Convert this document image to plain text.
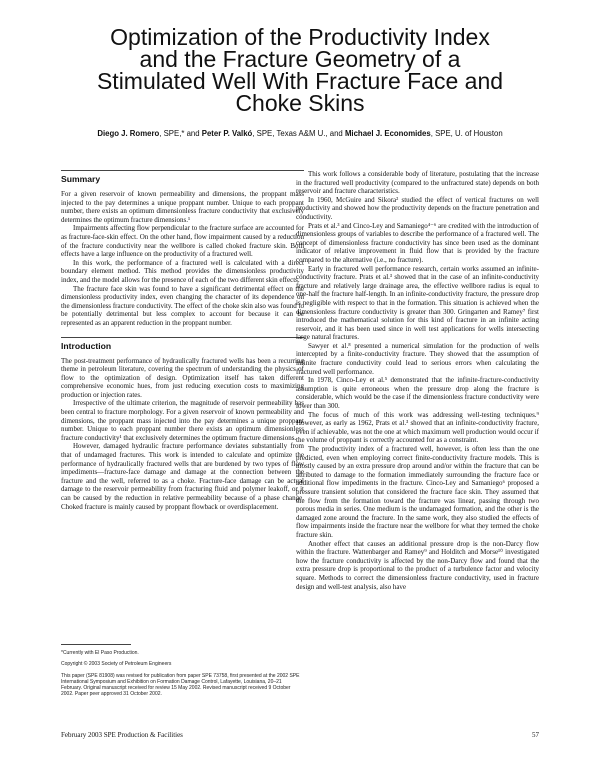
Optimization of the Productivity Index
and the Fracture Geometry of a
Stimulated Well With Fracture Face and
Choke Skins
Diego J. Romero, SPE,* and Peter P. Valkó, SPE, Texas A&M U., and Michael J. Economides, SPE, U. of Houston
Summary

For a given reservoir of known permeability and dimensions, the proppant mass injected to the pay determines a unique proppant number. Unique to each proppant number, there exists an optimum dimensionless fracture conductivity that exclusively determines the optimum fracture dimensions.¹

Impairments affecting flow perpendicular to the fracture surface are accounted for as fracture-face-skin effect. On the other hand, flow impairment caused by a reduction of the fracture conductivity near the wellbore is called choked fracture skin. Both effects have a large influence on the productivity of a fractured well.

In this work, the performance of a fractured well is calculated with a direct boundary element method. This method provides the dimensionless productivity index, and the model allows for the presence of each of the two different skin effects.

The fracture face skin was found to have a significant detrimental effect on the dimensionless productivity index, even changing the character of its dependence on the dimensionless fracture conductivity. The effect of the choke skin also was found to be potentially detrimental but less complex to account for because it can be represented as an apparent reduction in the proppant number.

Introduction

The post-treatment performance of hydraulically fractured wells has been a recurring theme in petroleum literature, covering the spectrum of understanding the physics of flow to the optimization of design. Optimization itself has taken different comprehensive economic hues, from just reducing execution costs to maximizing production or injection rates.

Irrespective of the ultimate criterion, the magnitude of reservoir permeability has been central to fracture morphology. For a given reservoir of known permeability and dimensions, the proppant mass injected into the pay determines a unique proppant number. Unique to each proppant number there exists an optimum dimensionless fracture conductivity¹ that exclusively determines the optimum fracture dimensions.

However, damaged hydraulic fracture performance deviates substantially from that of undamaged fractures. This work is intended to calculate and optimize the performance of hydraulically fractured wells that are burdened by two types of flow impediments—fracture-face damage and damage at the connection between the fracture and the well, referred to as a choke. Fracture-face damage can be actual damage to the reservoir permeability from fracturing fluid and polymer leakoff, or it can be caused by the reduction in relative permeability because of a phase change. Choked fracture is mainly caused by proppant flowback or overdisplacement.

*Currently with El Paso Production.

Copyright © 2003 Society of Petroleum Engineers

This paper (SPE 81908) was revised for publication from paper SPE 73758, first presented at the 2002 SPE International Symposium and Exhibition on Formation Damage Control, Lafayette, Louisiana, 20–21 February. Original manuscript received for review 15 May 2002. Revised manuscript received 9 October 2002. Paper peer approved 31 October 2002.

This work follows a considerable body of literature, postulating that the increase in the fractured well productivity (compared to the unfractured state) depends on both reservoir and fracture characteristics.

In 1960, McGuire and Sikora² studied the effect of vertical fractures on well productivity and showed how the productivity depends on the fracture penetration and conductivity.

Prats et al.³ and Cinco-Ley and Samaniego⁴⁻⁶ are credited with the introduction of dimensionless groups of variables to describe the performance of a fractured well. The concept of dimensionless fracture conductivity has since been used as the dominant indicator of relative improvement in fluid flow that is provided by the fracture compared to the alternative (i.e., no fracture).

Early in fractured well performance research, certain works assumed an infinite-conductivity fracture. Prats et al.³ showed that in the case of an infinite-conductivity fracture and relatively large drainage area, the effective wellbore radius is equal to one-half the fracture half-length. In an infinite-conductivity fracture, the pressure drop is negligible with respect to that in the formation. This situation is achieved when the dimensionless fracture conductivity is greater than 300. Gringarten and Ramey⁷ first introduced the mathematical solution for this kind of fracture in an infinite acting reservoir, and it has been used since in well test applications for wells intersecting large natural fractures.

Sawyer et al.⁸ presented a numerical simulation for the production of wells intercepted by a finite-conductivity fracture. They showed that the assumption of infinite fracture conductivity could lead to serious errors when calculating the fractured well performance.

In 1978, Cinco-Ley et al.⁵ demonstrated that the infinite-fracture-conductivity assumption is quite erroneous when the pressure drop along the fracture is considerable, which would be the case if the dimensionless fracture conductivity were lower than 300.

The focus of much of this work was addressing well-testing techniques.⁹ However, as early as 1962, Prats et al.³ showed that an infinite-conductivity fracture, even if achievable, was not the one at which maximum well production would occur if the volume of proppant is correctly accounted for as a constraint.

The productivity index of a fractured well, however, is often less than the one predicted, even when employing correct finite-conductivity fracture models. This is mostly caused by an extra pressure drop around and/or within the fracture that can be attributed to damage to the formation immediately surrounding the fracture face or additional flow impediments in the fracture. Cinco-Ley and Samaniego⁶ proposed a pressure transient solution that considered the fracture face skin. They assumed that the flow from the formation toward the fracture was linear, passing through two porous media in series. One medium is the undamaged formation, and the other is the damaged zone around the fracture. In the same work, they also studied the effects of flow impairments inside the fracture near the wellbore for what they termed the choke fracture skin.

Another effect that causes an additional pressure drop is the non-Darcy flow within the fracture. Wattenbarger and Ramey⁹ and Holditch and Morse¹⁰ investigated how the fracture conductivity is affected by the non-Darcy flow and found that the extra pressure drop is proportional to the product of a turbulence factor and velocity square. Methods to correct the dimensionless fracture conductivity, used in fracture design and well-test analysis, also have

February 2003 SPE Production & Facilities	57
